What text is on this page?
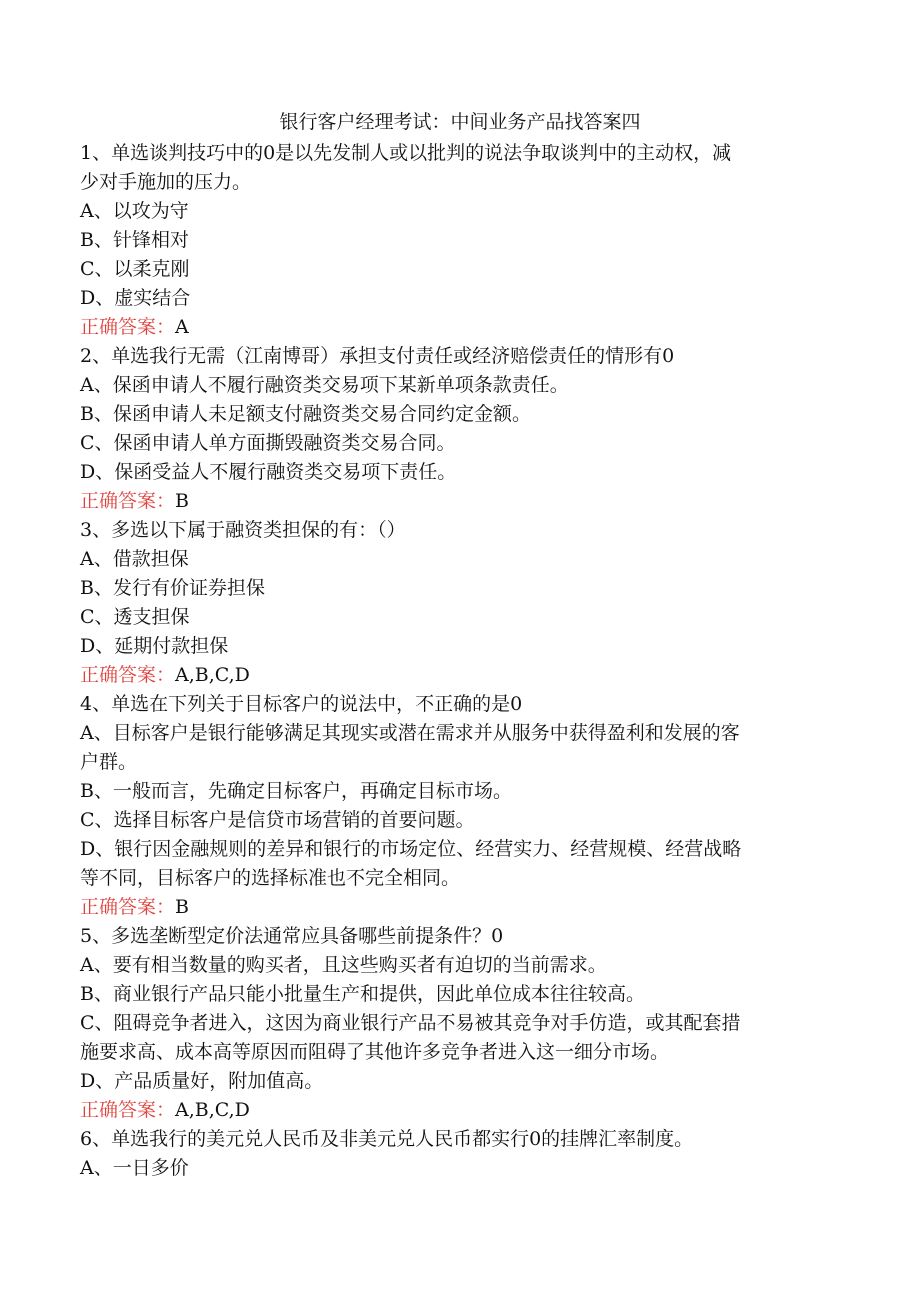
银行客户经理考试：中间业务产品找答案四
1、单选谈判技巧中的0是以先发制人或以批判的说法争取谈判中的主动权，减
少对手施加的压力。
A、以攻为守
B、针锋相对
C、以柔克刚
D、虚实结合
正确答案：A
2、单选我行无需（江南博哥）承担支付责任或经济赔偿责任的情形有0
A、保函申请人不履行融资类交易项下某新单项条款责任。
B、保函申请人未足额支付融资类交易合同约定金额。
C、保函申请人单方面撕毁融资类交易合同。
D、保函受益人不履行融资类交易项下责任。
正确答案：B
3、多选以下属于融资类担保的有：（）
A、借款担保
B、发行有价证券担保
C、透支担保
D、延期付款担保
正确答案：A,B,C,D
4、单选在下列关于目标客户的说法中，不正确的是0
A、目标客户是银行能够满足其现实或潜在需求并从服务中获得盈利和发展的客
户群。
B、一般而言，先确定目标客户，再确定目标市场。
C、选择目标客户是信贷市场营销的首要问题。
D、银行因金融规则的差异和银行的市场定位、经营实力、经营规模、经营战略
等不同，目标客户的选择标准也不完全相同。
正确答案：B
5、多选垄断型定价法通常应具备哪些前提条件？0
A、要有相当数量的购买者，且这些购买者有迫切的当前需求。
B、商业银行产品只能小批量生产和提供，因此单位成本往往较高。
C、阻碍竞争者进入，这因为商业银行产品不易被其竞争对手仿造，或其配套措
施要求高、成本高等原因而阻碍了其他许多竞争者进入这一细分市场。
D、产品质量好，附加值高。
正确答案：A,B,C,D
6、单选我行的美元兑人民币及非美元兑人民币都实行0的挂牌汇率制度。
A、一日多价
